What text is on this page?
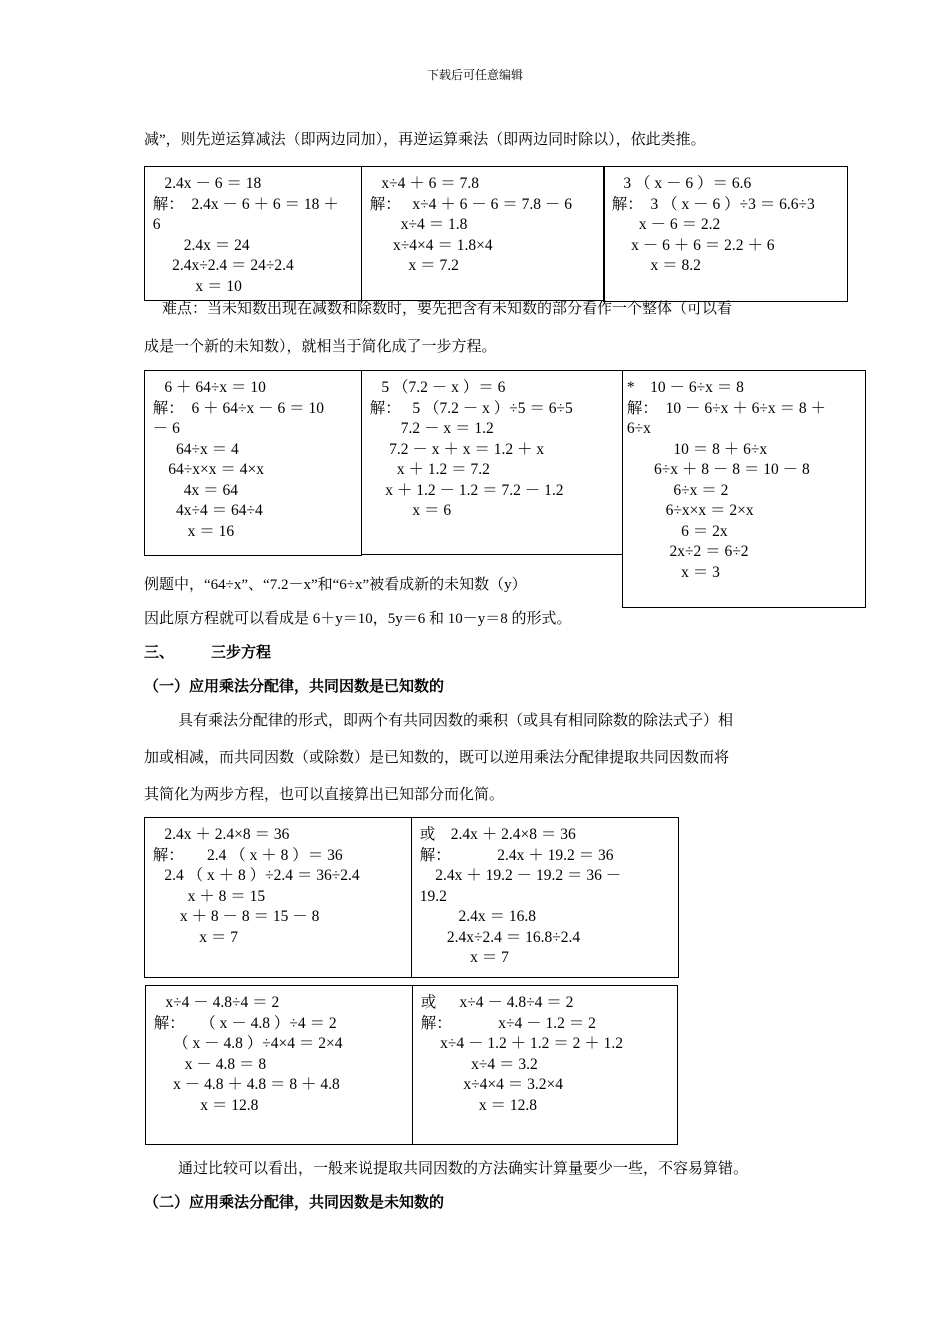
下载后可任意编辑
减”，则先逆运算减法（即两边同加），再逆运算乘法（即两边同时除以），依此类推。
2.4x － 6 ＝ 18
解：  2.4x － 6 ＋ 6 ＝ 18 ＋
6
2.4x ＝ 24
2.4x÷2.4 ＝ 24÷2.4
x ＝ 10
x÷4 ＋ 6 ＝ 7.8
解：   x÷4 ＋ 6 － 6 ＝ 7.8 － 6
x÷4 ＝ 1.8
x÷4×4 ＝ 1.8×4
x ＝ 7.2
3 （ x － 6 ）＝ 6.6
解：  3 （ x － 6 ）÷3 ＝ 6.6÷3
x － 6 ＝ 2.2
x － 6 ＋ 6 ＝ 2.2 ＋ 6
x ＝ 8.2
难点：当未知数出现在减数和除数时，要先把含有未知数的部分看作一个整体（可以看
成是一个新的未知数），就相当于简化成了一步方程。
6 ＋ 64÷x ＝ 10
解：  6 ＋ 64÷x － 6 ＝ 10
－ 6
64÷x ＝ 4
64÷x×x ＝ 4×x
4x ＝ 64
4x÷4 ＝ 64÷4
x ＝ 16
5 （7.2 － x ）＝ 6
解：   5 （7.2 － x ）÷5 ＝ 6÷5
7.2 － x ＝ 1.2
7.2 － x ＋ x ＝ 1.2 ＋ x
x ＋ 1.2 ＝ 7.2
x ＋ 1.2 － 1.2 ＝ 7.2 － 1.2
x ＝ 6
*    10 － 6÷x ＝ 8
解：  10 － 6÷x ＋ 6÷x ＝ 8 ＋
6÷x
10 ＝ 8 ＋ 6÷x
6÷x ＋ 8 － 8 ＝ 10 － 8
6÷x ＝ 2
6÷x×x ＝ 2×x
6 ＝ 2x
2x÷2 ＝ 6÷2
x ＝ 3
例题中，“64÷x”、“7.2－x”和“6÷x”被看成新的未知数（y）
因此原方程就可以看成是 6＋y＝10，5y＝6 和 10－y＝8 的形式。
三、 三步方程
（一）应用乘法分配律，共同因数是已知数的
具有乘法分配律的形式，即两个有共同因数的乘积（或具有相同除数的除法式子）相
加或相减，而共同因数（或除数）是已知数的，既可以逆用乘法分配律提取共同因数而将
其简化为两步方程，也可以直接算出已知部分而化简。
2.4x ＋ 2.4×8 ＝ 36
解：      2.4 （ x ＋ 8 ）＝ 36
2.4 （ x ＋ 8 ）÷2.4 ＝ 36÷2.4
x ＋ 8 ＝ 15
x ＋ 8 － 8 ＝ 15 － 8
x ＝ 7
或    2.4x ＋ 2.4×8 ＝ 36
解：            2.4x ＋ 19.2 ＝ 36
2.4x ＋ 19.2 － 19.2 ＝ 36 －
19.2
2.4x ＝ 16.8
2.4x÷2.4 ＝ 16.8÷2.4
x ＝ 7
x÷4 － 4.8÷4 ＝ 2
解：    （ x － 4.8 ）÷4 ＝ 2
（ x － 4.8 ）÷4×4 ＝ 2×4
x － 4.8 ＝ 8
x － 4.8 ＋ 4.8 ＝ 8 ＋ 4.8
x ＝ 12.8
或      x÷4 － 4.8÷4 ＝ 2
解：            x÷4 － 1.2 ＝ 2
x÷4 － 1.2 ＋ 1.2 ＝ 2 ＋ 1.2
x÷4 ＝ 3.2
x÷4×4 ＝ 3.2×4
x ＝ 12.8
通过比较可以看出，一般来说提取共同因数的方法确实计算量要少一些，不容易算错。
（二）应用乘法分配律，共同因数是未知数的
